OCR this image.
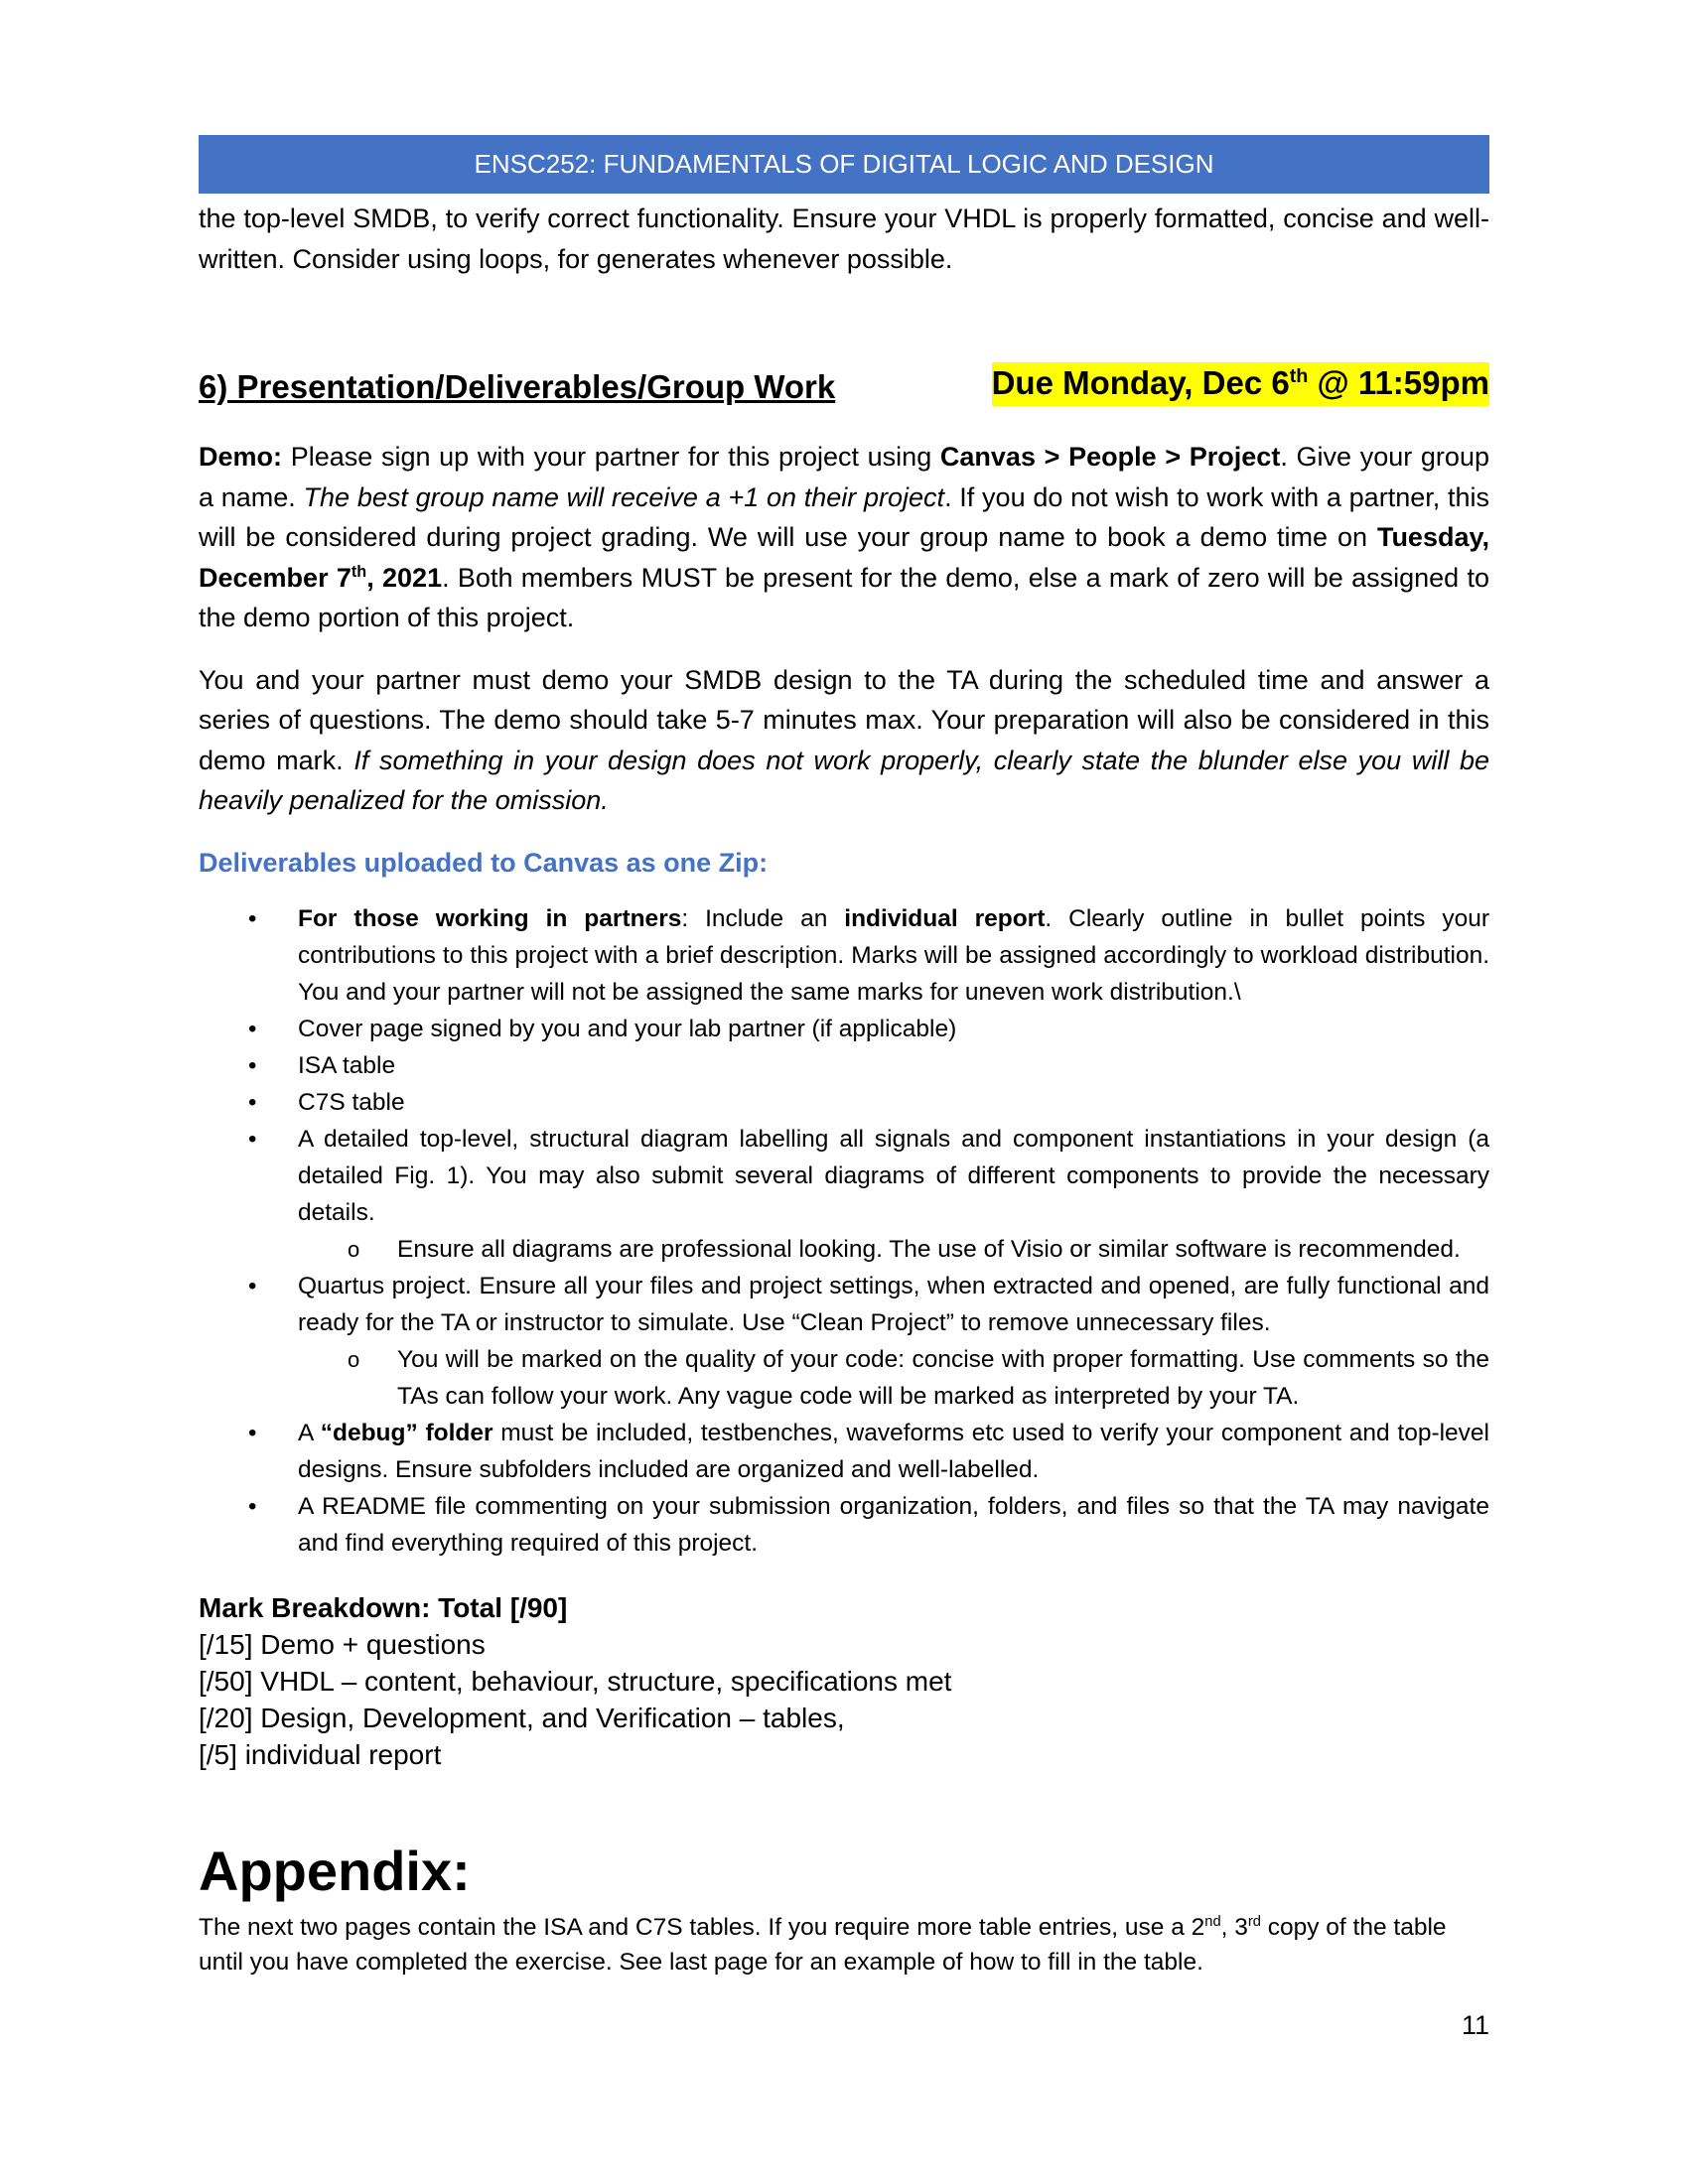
ENSC252: FUNDAMENTALS OF DIGITAL LOGIC AND DESIGN

the top-level SMDB, to verify correct functionality. Ensure your VHDL is properly formatted, concise and well-written. Consider using loops, for generates whenever possible.

6) Presentation/Deliverables/Group Work	Due Monday, Dec 6th @ 11:59pm

Demo: Please sign up with your partner for this project using Canvas > People > Project. Give your group a name. The best group name will receive a +1 on their project. If you do not wish to work with a partner, this will be considered during project grading. We will use your group name to book a demo time on Tuesday, December 7th, 2021. Both members MUST be present for the demo, else a mark of zero will be assigned to the demo portion of this project.

You and your partner must demo your SMDB design to the TA during the scheduled time and answer a series of questions. The demo should take 5-7 minutes max. Your preparation will also be considered in this demo mark. If something in your design does not work properly, clearly state the blunder else you will be heavily penalized for the omission.

Deliverables uploaded to Canvas as one Zip:
• For those working in partners: Include an individual report. Clearly outline in bullet points your contributions to this project with a brief description. Marks will be assigned accordingly to workload distribution. You and your partner will not be assigned the same marks for uneven work distribution.\
• Cover page signed by you and your lab partner (if applicable)
• ISA table
• C7S table
• A detailed top-level, structural diagram labelling all signals and component instantiations in your design (a detailed Fig. 1). You may also submit several diagrams of different components to provide the necessary details.
o Ensure all diagrams are professional looking. The use of Visio or similar software is recommended.
• Quartus project. Ensure all your files and project settings, when extracted and opened, are fully functional and ready for the TA or instructor to simulate. Use “Clean Project” to remove unnecessary files.
o You will be marked on the quality of your code: concise with proper formatting. Use comments so the TAs can follow your work. Any vague code will be marked as interpreted by your TA.
• A “debug” folder must be included, testbenches, waveforms etc used to verify your component and top-level designs. Ensure subfolders included are organized and well-labelled.
• A README file commenting on your submission organization, folders, and files so that the TA may navigate and find everything required of this project.
Mark Breakdown: Total [/90]
[/15] Demo + questions
[/50] VHDL – content, behaviour, structure, specifications met
[/20] Design, Development, and Verification – tables,
[/5] individual report
Appendix:
The next two pages contain the ISA and C7S tables. If you require more table entries, use a 2nd, 3rd copy of the table until you have completed the exercise. See last page for an example of how to fill in the table.
11
